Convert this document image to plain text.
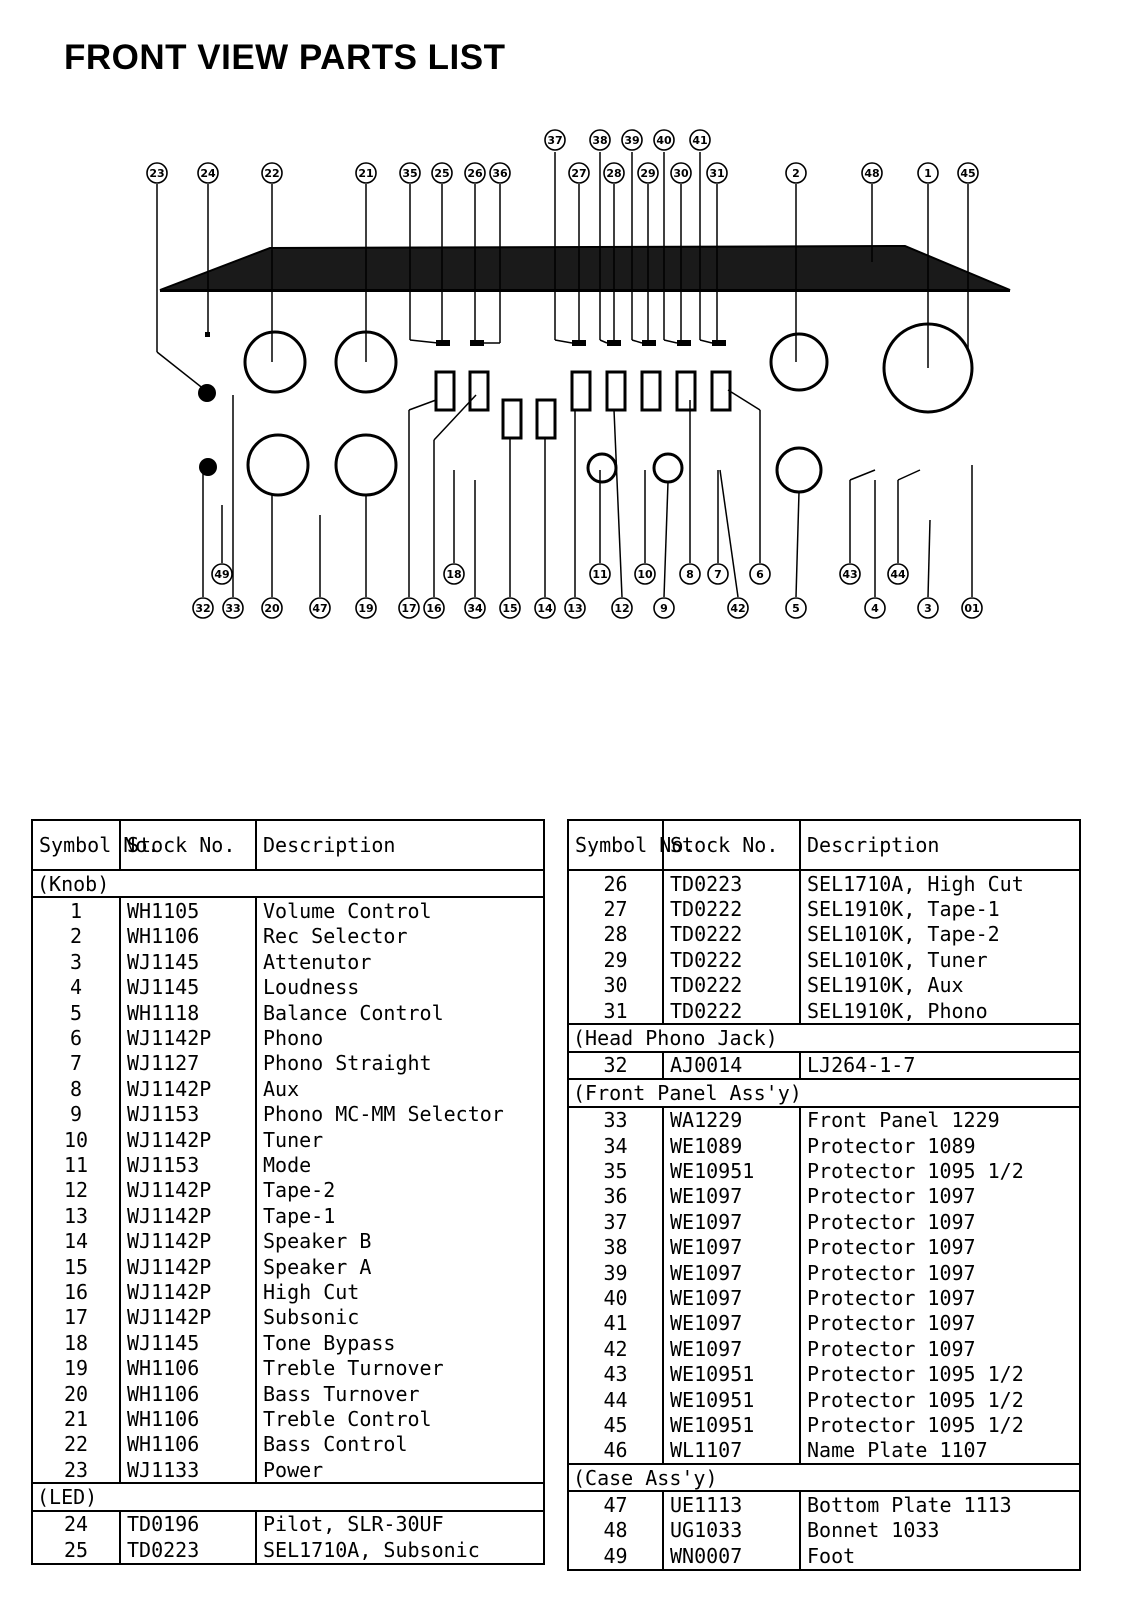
FRONT VIEW PARTS LIST
23	24	22	21	35 25 26 36
37
27
38
28
39
29
40
30
41
31	2	48	1	45
49	18	11	10	8 7	6	43	44
32 33 20	47	19	17 16 34 15 14 13	12	9	42	5	4	3	01
Symbol No.	Stock No.	Description
(Knob)		
1	WH1105	Volume Control
2	WH1106	Rec Selector
3	WJ1145	Attenutor
4	WJ1145	Loudness
5	WH1118	Balance Control
6	WJ1142P	Phono
7	WJ1127	Phono Straight
8	WJ1142P	Aux
9	WJ1153	Phono MC-MM Selector
10	WJ1142P	Tuner
11	WJ1153	Mode
12	WJ1142P	Tape-2
13	WJ1142P	Tape-1
14	WJ1142P	Speaker B
15	WJ1142P	Speaker A
16	WJ1142P	High Cut
17	WJ1142P	Subsonic
18	WJ1145	Tone Bypass
19	WH1106	Treble Turnover
20	WH1106	Bass Turnover
21	WH1106	Treble Control
22	WH1106	Bass Control
23	WJ1133	Power
(LED)		
24	TD0196	Pilot, SLR-30UF
25	TD0223	SEL1710A, Subsonic
Symbol No.	Stock No.	Description
26	TD0223	SEL1710A, High Cut
27	TD0222	SEL1910K, Tape-1
28	TD0222	SEL1010K, Tape-2
29	TD0222	SEL1010K, Tuner
30	TD0222	SEL1910K, Aux
31	TD0222	SEL1910K, Phono
(Head Phono Jack)		
32	AJ0014	LJ264-1-7
(Front Panel Ass'y)		
33	WA1229	Front Panel 1229
34	WE1089	Protector 1089
35	WE10951	Protector 1095 1/2
36	WE1097	Protector 1097
37	WE1097	Protector 1097
38	WE1097	Protector 1097
39	WE1097	Protector 1097
40	WE1097	Protector 1097
41	WE1097	Protector 1097
42	WE1097	Protector 1097
43	WE10951	Protector 1095 1/2
44	WE10951	Protector 1095 1/2
45	WE10951	Protector 1095 1/2
46	WL1107	Name Plate 1107
(Case Ass'y)		
47	UE1113	Bottom Plate 1113
48	UG1033	Bonnet 1033
49	WN0007	Foot
